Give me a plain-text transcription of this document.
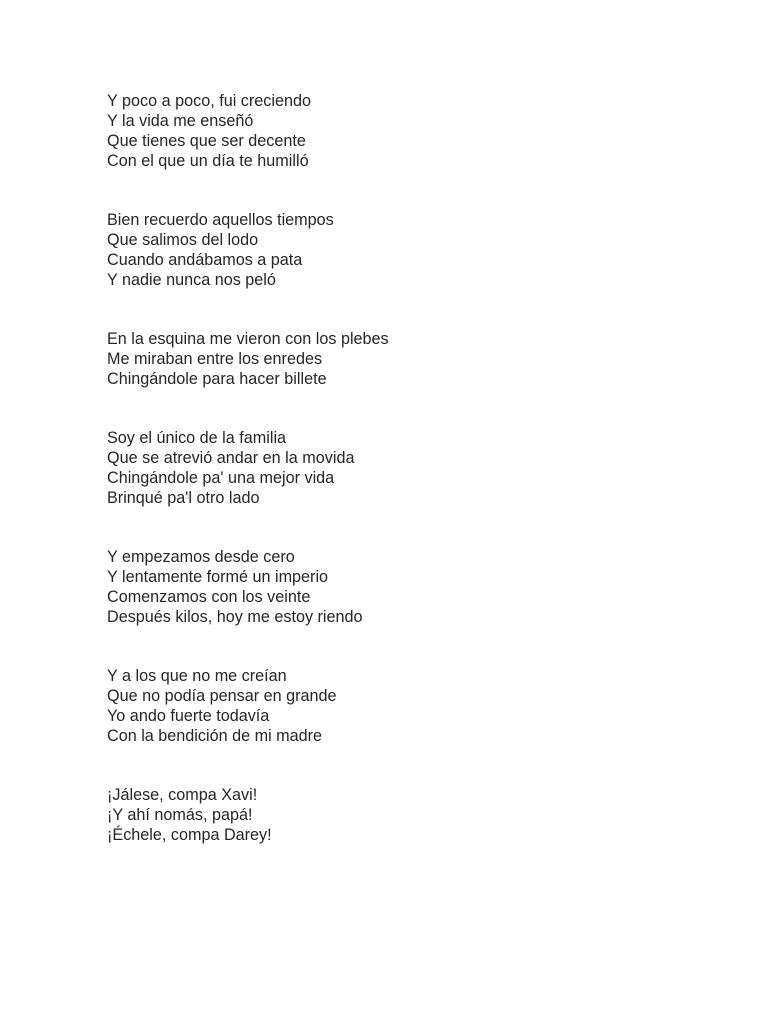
Y poco a poco, fui creciendo
Y la vida me enseñó
Que tienes que ser decente
Con el que un día te humilló
Bien recuerdo aquellos tiempos
Que salimos del lodo
Cuando andábamos a pata
Y nadie nunca nos peló
En la esquina me vieron con los plebes
Me miraban entre los enredes
Chingándole para hacer billete
Soy el único de la familia
Que se atrevió andar en la movida
Chingándole pa' una mejor vida
Brinqué pa'l otro lado
Y empezamos desde cero
Y lentamente formé un imperio
Comenzamos con los veinte
Después kilos, hoy me estoy riendo
Y a los que no me creían
Que no podía pensar en grande
Yo ando fuerte todavía
Con la bendición de mi madre
¡Jálese, compa Xavi!
¡Y ahí nomás, papá!
¡Échele, compa Darey!
